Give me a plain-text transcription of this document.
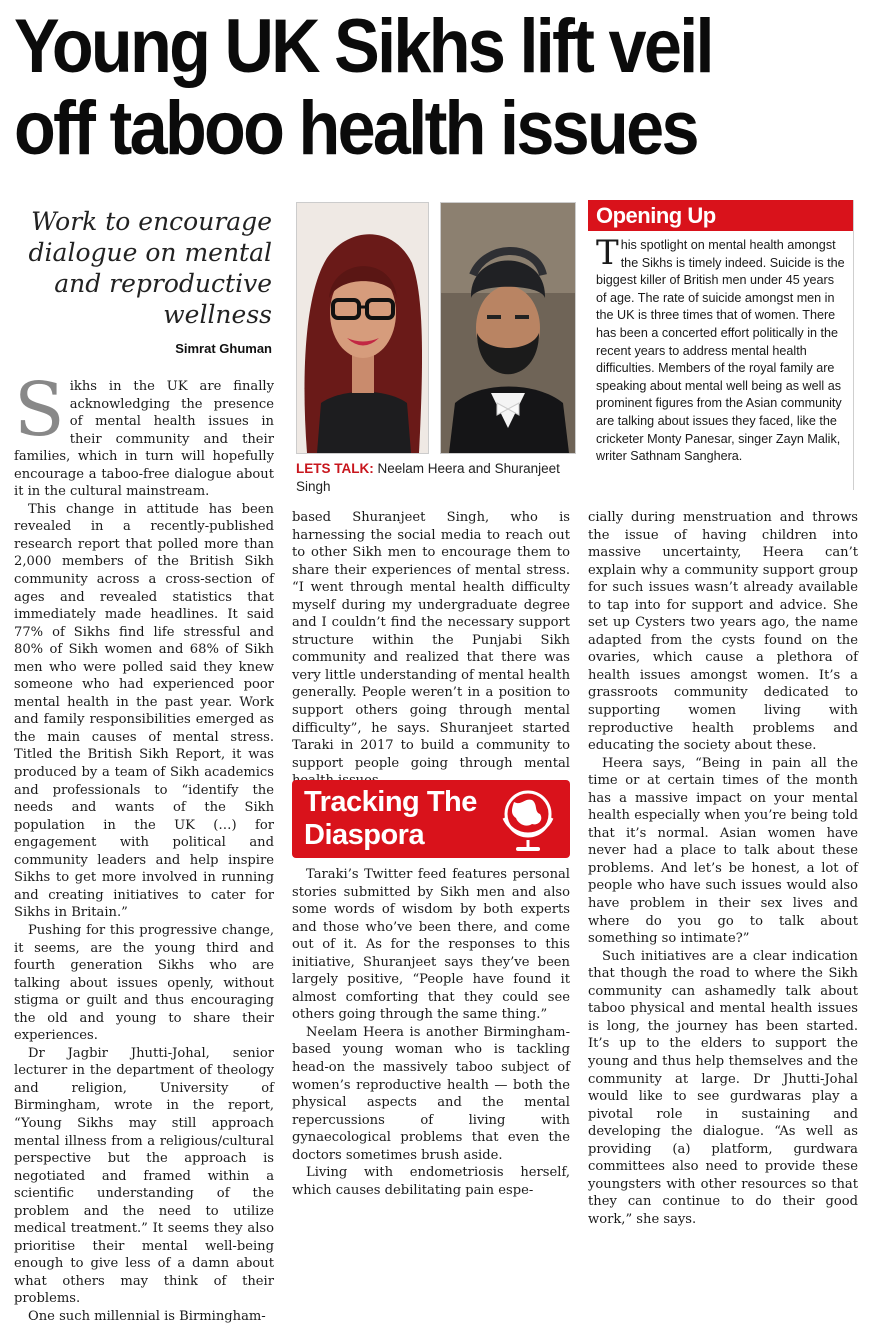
Young UK Sikhs lift veil
off taboo health issues

Work to encourage dialogue on mental and reproductive wellness

Simrat Ghuman

LETS TALK: Neelam Heera and Shuranjeet Singh

Opening Up

This spotlight on mental health amongst the Sikhs is timely indeed. Suicide is the biggest killer of British men under 45 years of age. The rate of suicide amongst men in the UK is three times that of women. There has been a concerted effort politically in the recent years to address mental health difficulties. Members of the royal family are speaking about mental well being as well as prominent figures from the Asian community are talking about issues they faced, like the cricketer Monty Panesar, singer Zayn Malik, writer Sathnam Sanghera.

Sikhs in the UK are finally acknowledging the presence of mental health issues in their community and their families, which in turn will hopefully encourage a taboo-free dialogue about it in the cultural mainstream.

This change in attitude has been revealed in a recently-published research report that polled more than 2,000 members of the British Sikh community across a cross-section of ages and revealed statistics that immediately made headlines. It said 77% of Sikhs find life stressful and 80% of Sikh women and 68% of Sikh men who were polled said they knew someone who had experienced poor mental health in the past year. Work and family responsibilities emerged as the main causes of mental stress. Titled the British Sikh Report, it was produced by a team of Sikh academics and professionals to “identify the needs and wants of the Sikh population in the UK (…) for engagement with political and community leaders and help inspire Sikhs to get more involved in running and creating initiatives to cater for Sikhs in Britain.”

Pushing for this progressive change, it seems, are the young third and fourth generation Sikhs who are talking about issues openly, without stigma or guilt and thus encouraging the old and young to share their experiences.

Dr Jagbir Jhutti-Johal, senior lecturer in the department of theology and religion, University of Birmingham, wrote in the report, “Young Sikhs may still approach mental illness from a religious/cultural perspective but the approach is negotiated and framed within a scientific understanding of the problem and the need to utilize medical treatment.” It seems they also prioritise their mental well-being enough to give less of a damn about what others may think of their problems.

One such millennial is Birmingham-

based Shuranjeet Singh, who is harnessing the social media to reach out to other Sikh men to encourage them to share their experiences of mental stress. “I went through mental health difficulty myself during my undergraduate degree and I couldn’t find the necessary support structure within the Punjabi Sikh community and realized that there was very little understanding of mental health generally. People weren’t in a position to support others going through mental difficulty”, he says. Shuranjeet started Taraki in 2017 to build a community to support people going through mental

Tracking The
Diaspora

Taraki’s Twitter feed features personal stories submitted by Sikh men and also some words of wisdom by both experts and those who’ve been there, and come out of it. As for the responses to this initiative, Shuranjeet says they’ve been largely positive, “People have found it almost comforting that they could see others going through the same thing.”

Neelam Heera is another Birmingham-based young woman who is tackling head-on the massively taboo subject of women’s reproductive health — both the physical aspects and the mental repercussions of living with gynaecological problems that even the doctors sometimes brush aside.

Living with endometriosis herself, which causes debilitating pain espe-

cially during menstruation and throws the issue of having children into massive uncertainty, Heera can’t explain why a community support group for such issues wasn’t already available to tap into for support and advice. She set up Cysters two years ago, the name adapted from the cysts found on the ovaries, which cause a plethora of health issues amongst women. It’s a grassroots community dedicated to supporting women living with reproductive health problems and educating the society about these.

Heera says, “Being in pain all the time or at certain times of the month has a massive impact on your mental health especially when you’re being told that it’s normal. Asian women have never had a place to talk about these problems. And let’s be honest, a lot of people who have such issues would also have problem in their sex lives and where do you go to talk about something so intimate?”

Such initiatives are a clear indication that though the road to where the Sikh community can ashamedly talk about taboo physical and mental health issues is long, the journey has been started. It’s up to the elders to support the young and thus help themselves and the community at large. Dr Jhutti-Johal would like to see gurdwaras play a pivotal role in sustaining and developing the dialogue. “As well as providing (a) platform, gurdwara committees also need to provide these youngsters with other resources so that they can continue to do their good work,” she says.
